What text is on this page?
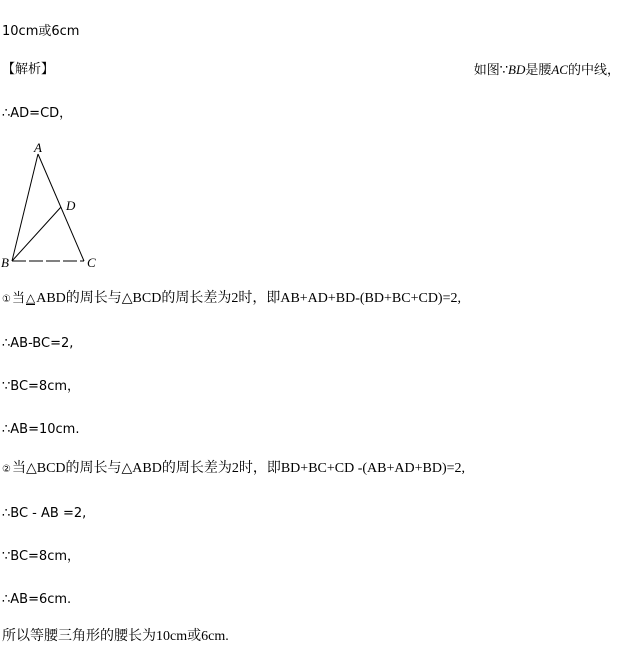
10cm或6cm
【解析】	如图∵BD是腰AC的中线，
∴AD=CD，
A
B	C
D
①当△ABD的周长与△BCD的周长差为2时，即AB+AD+BD-(BD+BC+CD)=2,
∴AB-BC=2,
∵BC=8cm，
∴AB=10cm.
②当△BCD的周长与△ABD的周长差为2时，即BD+BC+CD -(AB+AD+BD)=2,
∴BC - AB =2,
∵BC=8cm，
∴AB=6cm.
所以等腰三角形的腰长为10cm或6cm.
